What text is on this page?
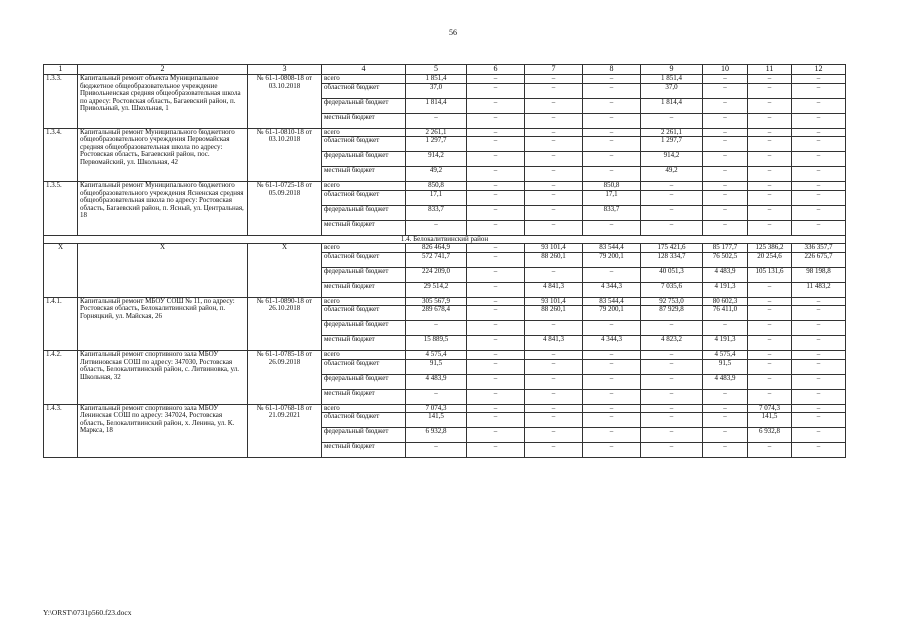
56
1	2	3	4	5	6	7	8	9	10	11	12
1.3.3.	Капитальный ремонт объекта Муниципальное бюджетное общеобразовательное учреждение Привольненская средняя общеобразовательная школа по адресу: Ростовская область, Багаевский район, п. Привольный, ул. Школьная, 1	№ 61-1-0808-18 от 03.10.2018	всего	1 851,4	–	–	–	1 851,4	–	–	–
			областной бюджет	37,0	–	–	–	37,0	–	–	–
			федеральный бюджет	1 814,4	–	–	–	1 814,4	–	–	–
			местный бюджет	–	–	–	–	–	–	–	–
1.3.4.	Капитальный ремонт Муниципального бюджетного общеобразовательного учреждения Первомайская средняя общеобразовательная школа по адресу: Ростовская область, Багаевский район, пос. Первомайский, ул. Школьная, 42	№ 61-1-0810-18 от 03.10.2018	всего	2 261,1	–	–	–	2 261,1	–	–	–
			областной бюджет	1 297,7	–	–	–	1 297,7	–	–	–
			федеральный бюджет	914,2	–	–	–	914,2	–	–	–
			местный бюджет	49,2	–	–	–	49,2	–	–	–
1.3.5.	Капитальный ремонт Муниципального бюджетного общеобразовательного учреждения Ясненская средняя общеобразовательная школа по адресу: Ростовская область, Багаевский район, п. Ясный, ул. Центральная, 18	№ 61-1-0725-18 от 05.09.2018	всего	850,8	–	–	850,8	–	–	–	–
			областной бюджет	17,1	–	–	17,1	–	–	–	–
			федеральный бюджет	833,7	–	–	833,7	–	–	–	–
			местный бюджет	–	–	–	–	–	–	–	–
1.4. Белокалитвинский район											
Х	Х	Х	всего	826 464,9	–	93 101,4	83 544,4	175 421,6	85 177,7	125 386,2	336 357,7
			областной бюджет	572 741,7	–	88 260,1	79 200,1	128 334,7	76 502,5	20 254,6	226 675,7
			федеральный бюджет	224 209,0	–	–	–	40 051,3	4 483,9	105 131,6	98 198,8
			местный бюджет	29 514,2	–	4 841,3	4 344,3	7 035,6	4 191,3	–	11 483,2
1.4.1.	Капитальный ремонт МБОУ СОШ № 11, по адресу: Ростовская область, Белокалитвинский район, п. Горняцкий, ул. Майская, 26	№ 61-1-0890-18 от 26.10.2018	всего	305 567,9	–	93 101,4	83 544,4	92 753,0	80 602,3	–	–
			областной бюджет	289 678,4	–	88 260,1	79 200,1	87 929,8	76 411,0	–	–
			федеральный бюджет	–	–	–	–	–	–	–	–
			местный бюджет	15 889,5	–	4 841,3	4 344,3	4 823,2	4 191,3	–	–
1.4.2.	Капитальный ремонт спортивного зала МБОУ Литвиновская СОШ по адресу: 347030, Ростовская область, Белокалитвинский район, с. Литвиновка, ул. Школьная, 32	№ 61-1-0785-18 от 26.09.2018	всего	4 575,4	–	–	–	–	4 575,4	–	–
			областной бюджет	91,5	–	–	–	–	91,5	–	–
			федеральный бюджет	4 483,9	–	–	–	–	4 483,9	–	–
			местный бюджет	–	–	–	–	–	–	–	–
1.4.3.	Капитальный ремонт спортивного зала МБОУ Ленинская СОШ по адресу: 347024, Ростовская область, Белокалитвинский район, х. Ленина, ул. К. Маркса, 18	№ 61-1-0768-18 от 21.09.2021	всего	7 074,3	–	–	–	–	–	7 074,3	–
			областной бюджет	141,5	–	–	–	–	–	141,5	–
			федеральный бюджет	6 932,8	–	–	–	–	–	6 932,8	–
			местный бюджет	–	–	–	–	–	–	–	–
Y:\ORST\0731p560.f23.docx
